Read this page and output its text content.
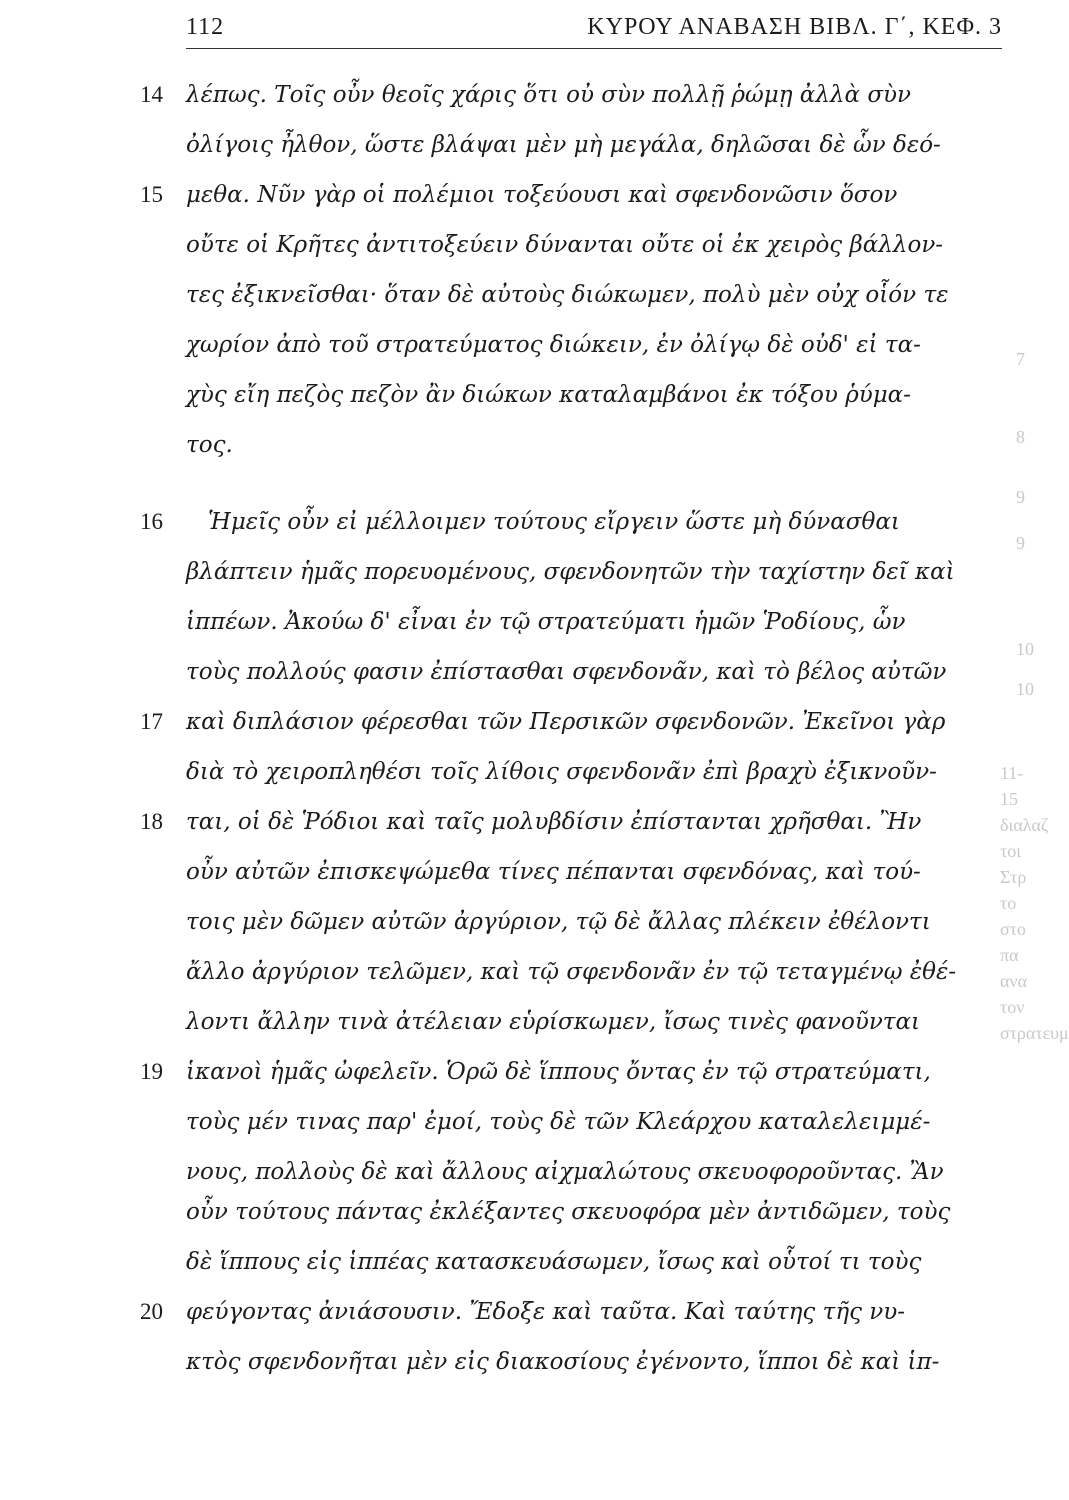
112	ΚΥΡΟΥ ΑΝΑΒΑΣΗ ΒΙΒΛ. Γ΄, ΚΕΦ. 3
14	λέπως. Τοῖς οὖν θεοῖς χάρις ὅτι οὐ σὺν πολλῇ ῥώμῃ ἀλλὰ σὺν
ὀλίγοις ἦλθον, ὥστε βλάψαι μὲν μὴ μεγάλα, δηλῶσαι δὲ ὧν δεό-
15	μεθα. Νῦν γὰρ οἱ πολέμιοι τοξεύουσι καὶ σφενδονῶσιν ὅσον
οὔτε οἱ Κρῆτες ἀντιτοξεύειν δύνανται οὔτε οἱ ἐκ χειρὸς βάλλον-
τες ἐξικνεῖσθαι· ὅταν δὲ αὐτοὺς διώκωμεν, πολὺ μὲν οὐχ οἷόν τε
χωρίον ἀπὸ τοῦ στρατεύματος διώκειν, ἐν ὀλίγῳ δὲ οὐδ' εἰ τα-
χὺς εἴη πεζὸς πεζὸν ἂν διώκων καταλαμβάνοι ἐκ τόξου ῥύμα-
τος.
16	Ἡμεῖς οὖν εἰ μέλλοιμεν τούτους εἴργειν ὥστε μὴ δύνασθαι
βλάπτειν ἡμᾶς πορευομένους, σφενδονητῶν τὴν ταχίστην δεῖ καὶ
ἱππέων. Ἀκούω δ' εἶναι ἐν τῷ στρατεύματι ἡμῶν Ῥοδίους, ὧν
τοὺς πολλούς φασιν ἐπίστασθαι σφενδονᾶν, καὶ τὸ βέλος αὐτῶν
17	καὶ διπλάσιον φέρεσθαι τῶν Περσικῶν σφενδονῶν. Ἐκεῖνοι γὰρ
διὰ τὸ χειροπληθέσι τοῖς λίθοις σφενδονᾶν ἐπὶ βραχὺ ἐξικνοῦν-
18	ται, οἱ δὲ Ῥόδιοι καὶ ταῖς μολυβδίσιν ἐπίστανται χρῆσθαι. Ἢν
οὖν αὐτῶν ἐπισκεψώμεθα τίνες πέπανται σφενδόνας, καὶ τού-
τοις μὲν δῶμεν αὐτῶν ἀργύριον, τῷ δὲ ἄλλας πλέκειν ἐθέλοντι
ἄλλο ἀργύριον τελῶμεν, καὶ τῷ σφενδονᾶν ἐν τῷ τεταγμένῳ ἐθέ-
λοντι ἄλλην τινὰ ἀτέλειαν εὑρίσκωμεν, ἴσως τινὲς φανοῦνται
19	ἱκανοὶ ἡμᾶς ὠφελεῖν. Ὁρῶ δὲ ἵππους ὄντας ἐν τῷ στρατεύματι,
τοὺς μέν τινας παρ' ἐμοί, τοὺς δὲ τῶν Κλεάρχου καταλελειμμέ-
νους, πολλοὺς δὲ καὶ ἄλλους αἰχμαλώτους σκευοφοροῦντας. Ἂν
οὖν τούτους πάντας ἐκλέξαντες σκευοφόρα μὲν ἀντιδῶμεν, τοὺς
δὲ ἵππους εἰς ἱππέας κατασκευάσωμεν, ἴσως καὶ οὗτοί τι τοὺς
20	φεύγοντας ἀνιάσουσιν. Ἔδοξε καὶ ταῦτα. Καὶ ταύτης τῆς νυ-
κτὸς σφενδονῆται μὲν εἰς διακοσίους ἐγένοντο, ἵπποι δὲ καὶ ἱπ-
7
8
9
9
10
10
11-15
διαλαζ
τοι Στρ
το στο πα
ανα τον
στρατευμ
